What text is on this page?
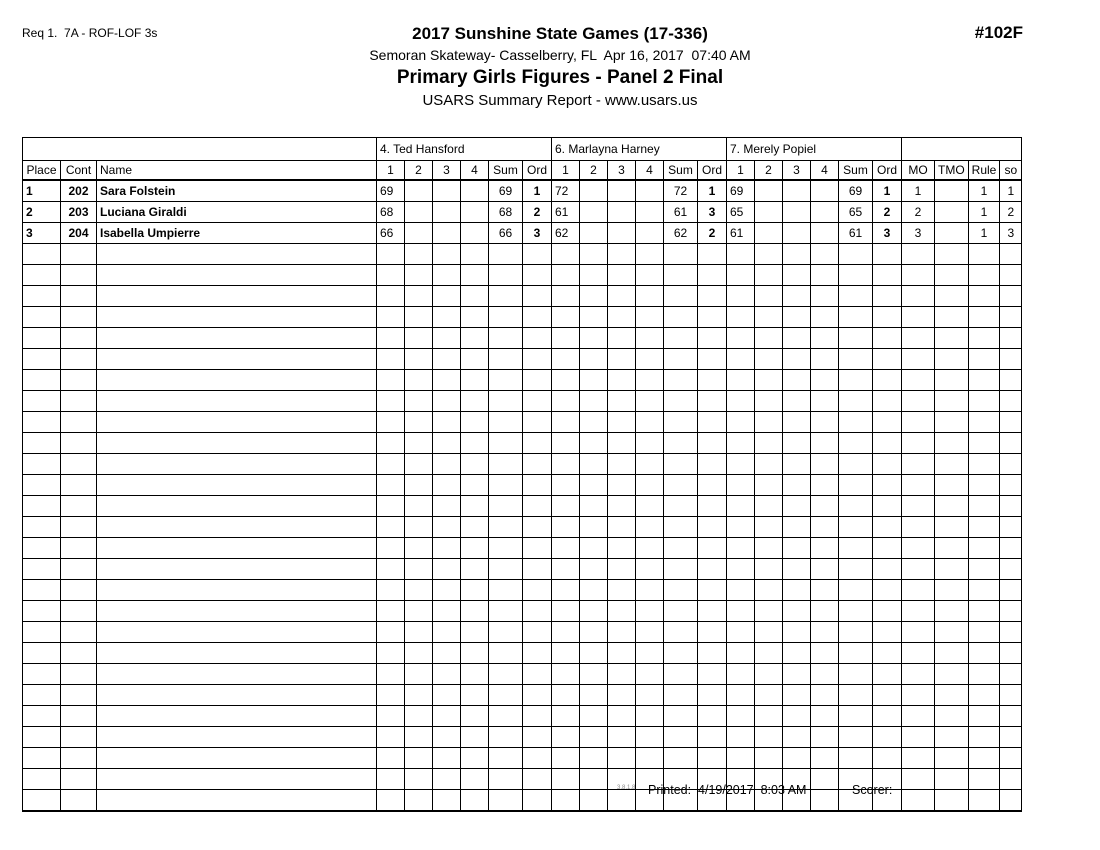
Req 1.  7A - ROF-LOF 3s	#102F
2017 Sunshine State Games (17-336)
Semoran Skateway- Casselberry, FL  Apr 16, 2017  07:40 AM
Primary Girls Figures - Panel 2 Final
USARS Summary Report - www.usars.us
			4. Ted Hansford						6. Marlayna Harney						7. Merely Popiel									
Place	Cont	Name	1	2	3	4	Sum	Ord	1	2	3	4	Sum	Ord	1	2	3	4	Sum	Ord	MO	TMO	Rule	so
1	202	Sara Folstein	69				69	1	72				72	1	69				69	1	1		1	1
2	203	Luciana Giraldi	68				68	2	61				61	3	65				65	2	2		1	2
3	204	Isabella Umpierre	66				66	3	62				62	2	61				61	3	3		1	3

3.8.1.8 Printed:  4/19/2017  8:03 AM	Scorer:
